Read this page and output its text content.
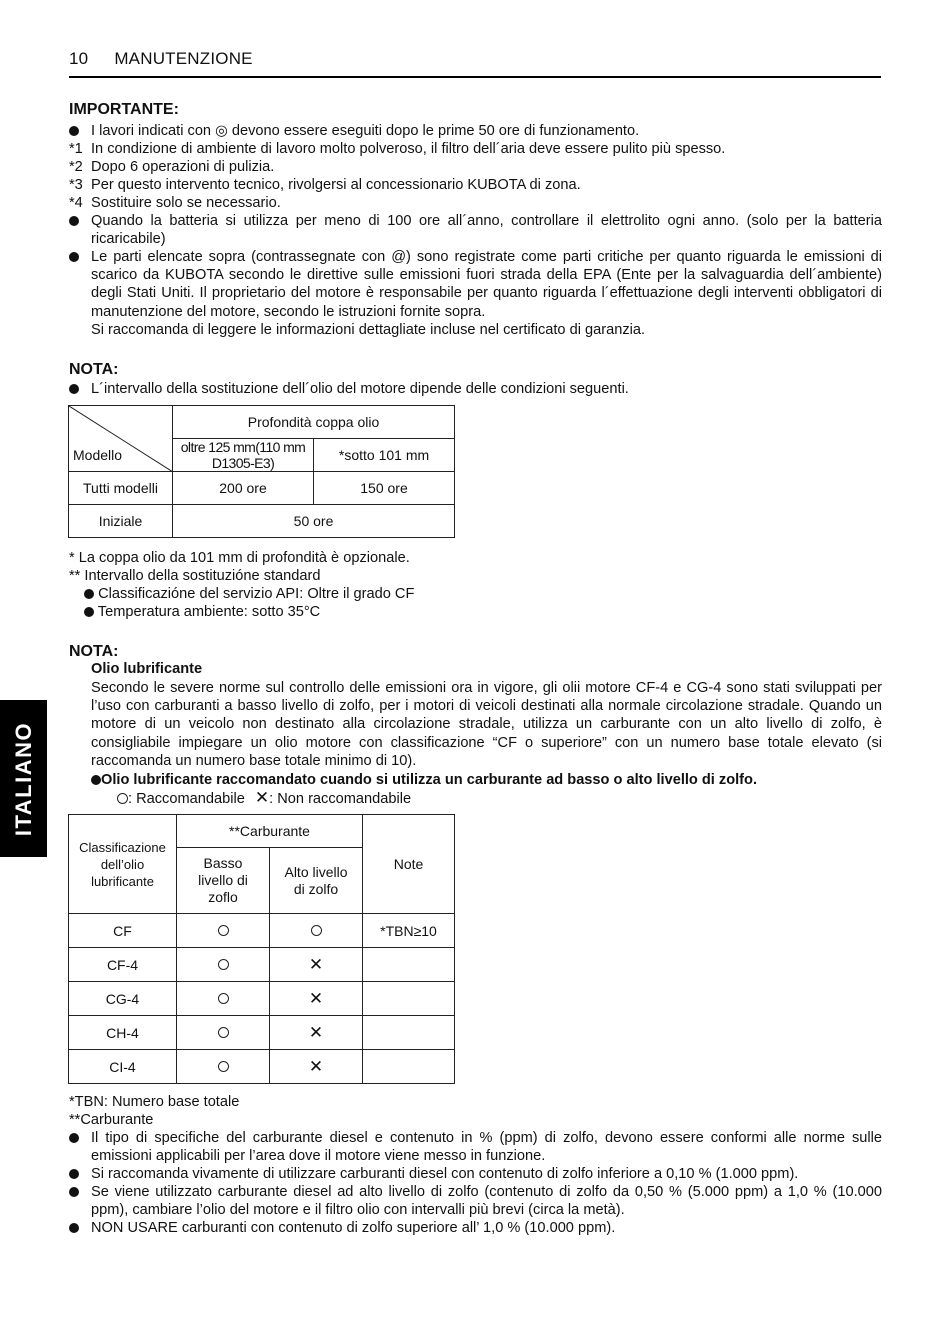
10 MANUTENZIONE
ITALIANO
IMPORTANTE:
I lavori indicati con ◎ devono essere eseguiti dopo le prime 50 ore di funzionamento.
*1 In condizione di ambiente di lavoro molto polveroso, il filtro dell´aria deve essere pulito più spesso.
*2 Dopo 6 operazioni di pulizia.
*3 Per questo intervento tecnico, rivolgersi al concessionario KUBOTA di zona.
*4 Sostituire solo se necessario.
Quando la batteria si utilizza per meno di 100 ore all´anno, controllare il elettrolito ogni anno. (solo per la batteria ricaricabile)
Le parti elencate sopra (contrassegnate con @) sono registrate come parti critiche per quanto riguarda le emissioni di scarico da KUBOTA secondo le direttive sulle emissioni fuori strada della EPA (Ente per la salvaguardia dell´ambiente) degli Stati Uniti. Il proprietario del motore è responsabile per quanto riguarda l´effettuazione degli interventi obbligatori di manutenzione del motore, secondo le istruzioni fornite sopra.
Si raccomanda di leggere le informazioni dettagliate incluse nel certificato di garanzia.
NOTA:
L´intervallo della sostituzione dell´olio del motore dipende delle condizioni seguenti.
Modello	Profondità coppa olio	
	oltre 125 mm(110 mm D1305-E3)	*sotto 101 mm
Tutti modelli	200 ore	150 ore
Iniziale	50 ore	
* La coppa olio da 101 mm di profondità è opzionale.
** Intervallo della sostituzióne standard
Classificazióne del servizio API: Oltre il grado CF
Temperatura ambiente: sotto 35°C
NOTA:
Olio lubrificante
Secondo le severe norme sul controllo delle emissioni ora in vigore, gli olii motore CF-4 e CG-4 sono stati sviluppati per l’uso con carburanti a basso livello di zolfo, per i motori di veicoli destinati alla normale circolazione stradale. Quando un motore di un veicolo non destinato alla circolazione stradale, utilizza un carburante con un alto livello di zolfo, è consigliabile impiegare un olio motore con classificazione “CF o superiore” con un numero base totale elevato (si raccomanda un numero base totale minimo di 10).
Olio lubrificante raccomandato cuando si utilizza un carburante ad basso o alto livello di zolfo.
: Raccomandabile ✕: Non raccomandabile
Classificazione dell’olio lubrificante	**Carburante		Note
	Basso livello di zoflo	Alto livello di zolfo	
CF			*TBN≥10
CF-4		✕	
CG-4		✕	
CH-4		✕	
CI-4		✕	
*TBN: Numero base totale
**Carburante
Il tipo di specifiche del carburante diesel e contenuto in % (ppm) di zolfo, devono essere conformi alle norme sulle emissioni applicabili per l’area dove il motore viene messo in funzione.
Si raccomanda vivamente di utilizzare carburanti diesel con contenuto di zolfo inferiore a 0,10 % (1.000 ppm).
Se viene utilizzato carburante diesel ad alto livello di zolfo (contenuto di zolfo da 0,50 % (5.000 ppm) a 1,0 % (10.000 ppm), cambiare l’olio del motore e il filtro olio con intervalli più brevi (circa la metà).
NON USARE carburanti con contenuto di zolfo superiore all’ 1,0 % (10.000 ppm).
